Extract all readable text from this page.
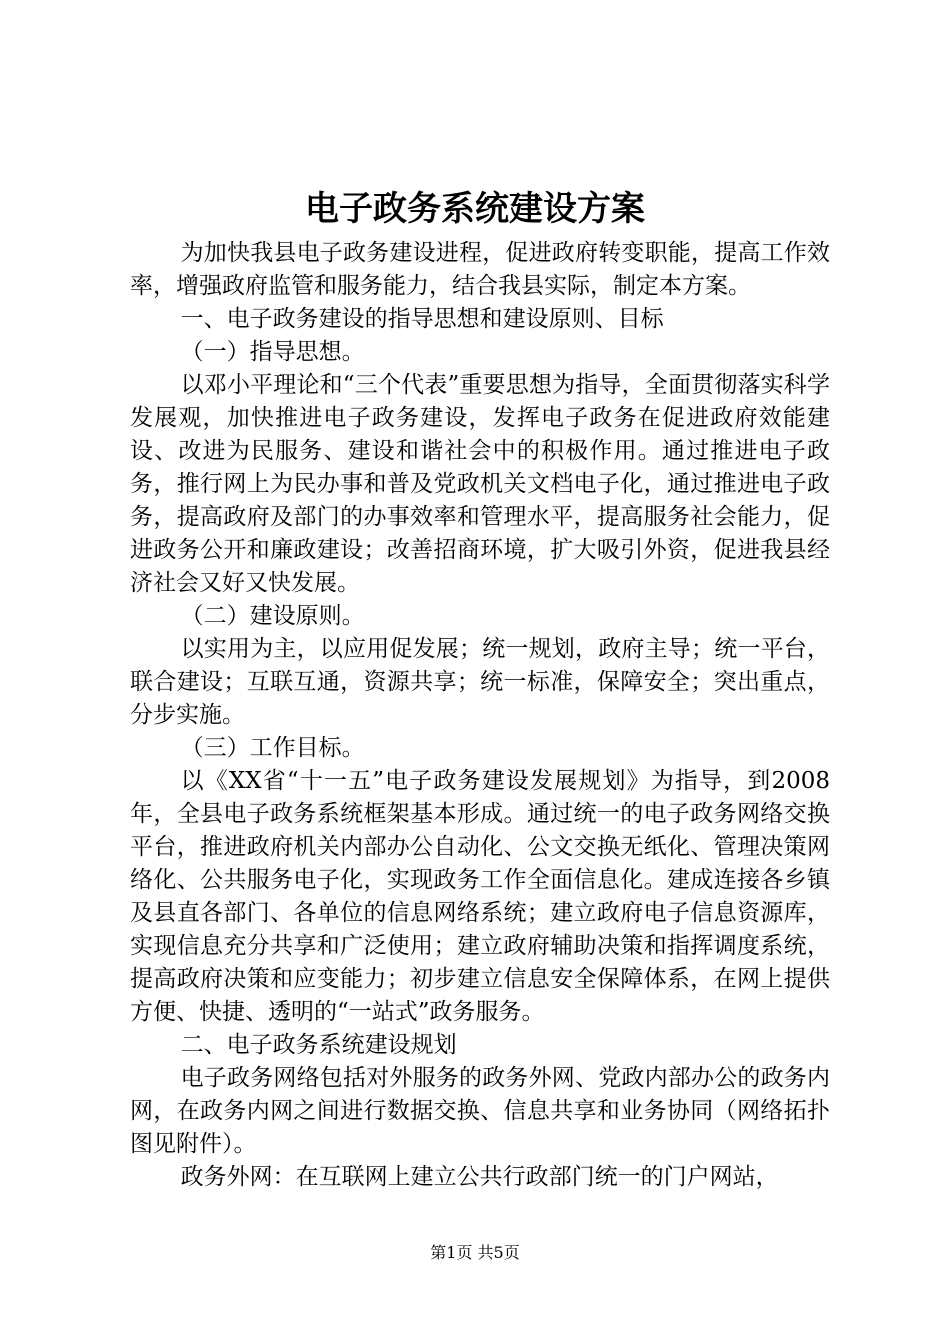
电子政务系统建设方案

为加快我县电子政务建设进程，促进政府转变职能，提高工作效率，增强政府监管和服务能力，结合我县实际，制定本方案。

一、电子政务建设的指导思想和建设原则、目标

（一）指导思想。

以邓小平理论和“三个代表”重要思想为指导，全面贯彻落实科学发展观，加快推进电子政务建设，发挥电子政务在促进政府效能建设、改进为民服务、建设和谐社会中的积极作用。通过推进电子政务，推行网上为民办事和普及党政机关文档电子化，通过推进电子政务，提高政府及部门的办事效率和管理水平，提高服务社会能力，促进政务公开和廉政建设；改善招商环境，扩大吸引外资，促进我县经济社会又好又快发展。

（二）建设原则。

以实用为主，以应用促发展；统一规划，政府主导；统一平台，联合建设；互联互通，资源共享；统一标准，保障安全；突出重点，分步实施。

（三）工作目标。

以《XX省“十一五”电子政务建设发展规划》为指导，到2008年，全县电子政务系统框架基本形成。通过统一的电子政务网络交换平台，推进政府机关内部办公自动化、公文交换无纸化、管理决策网络化、公共服务电子化，实现政务工作全面信息化。建成连接各乡镇及县直各部门、各单位的信息网络系统；建立政府电子信息资源库，实现信息充分共享和广泛使用；建立政府辅助决策和指挥调度系统，提高政府决策和应变能力；初步建立信息安全保障体系，在网上提供方便、快捷、透明的“一站式”政务服务。

二、电子政务系统建设规划

电子政务网络包括对外服务的政务外网、党政内部办公的政务内网，在政务内网之间进行数据交换、信息共享和业务协同（网络拓扑图见附件）。

政务外网：在互联网上建立公共行政部门统一的门户网站，

第1页 共5页
